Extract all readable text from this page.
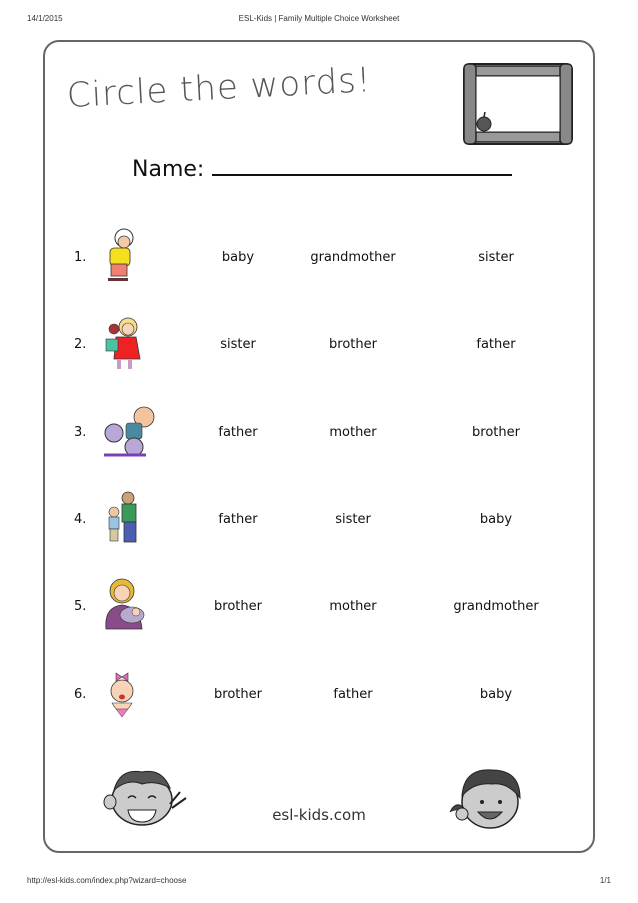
14/1/2015	ESL-Kids | Family Multiple Choice Worksheet
Circle the words!
Name:
1.	baby	grandmother	sister
2.	sister	brother	father
3.	father	mother	brother
4.	father	sister	baby
5.	brother	mother	grandmother
6.	brother	father	baby
esl-kids.com
http://esl-kids.com/index.php?wizard=choose	1/1
